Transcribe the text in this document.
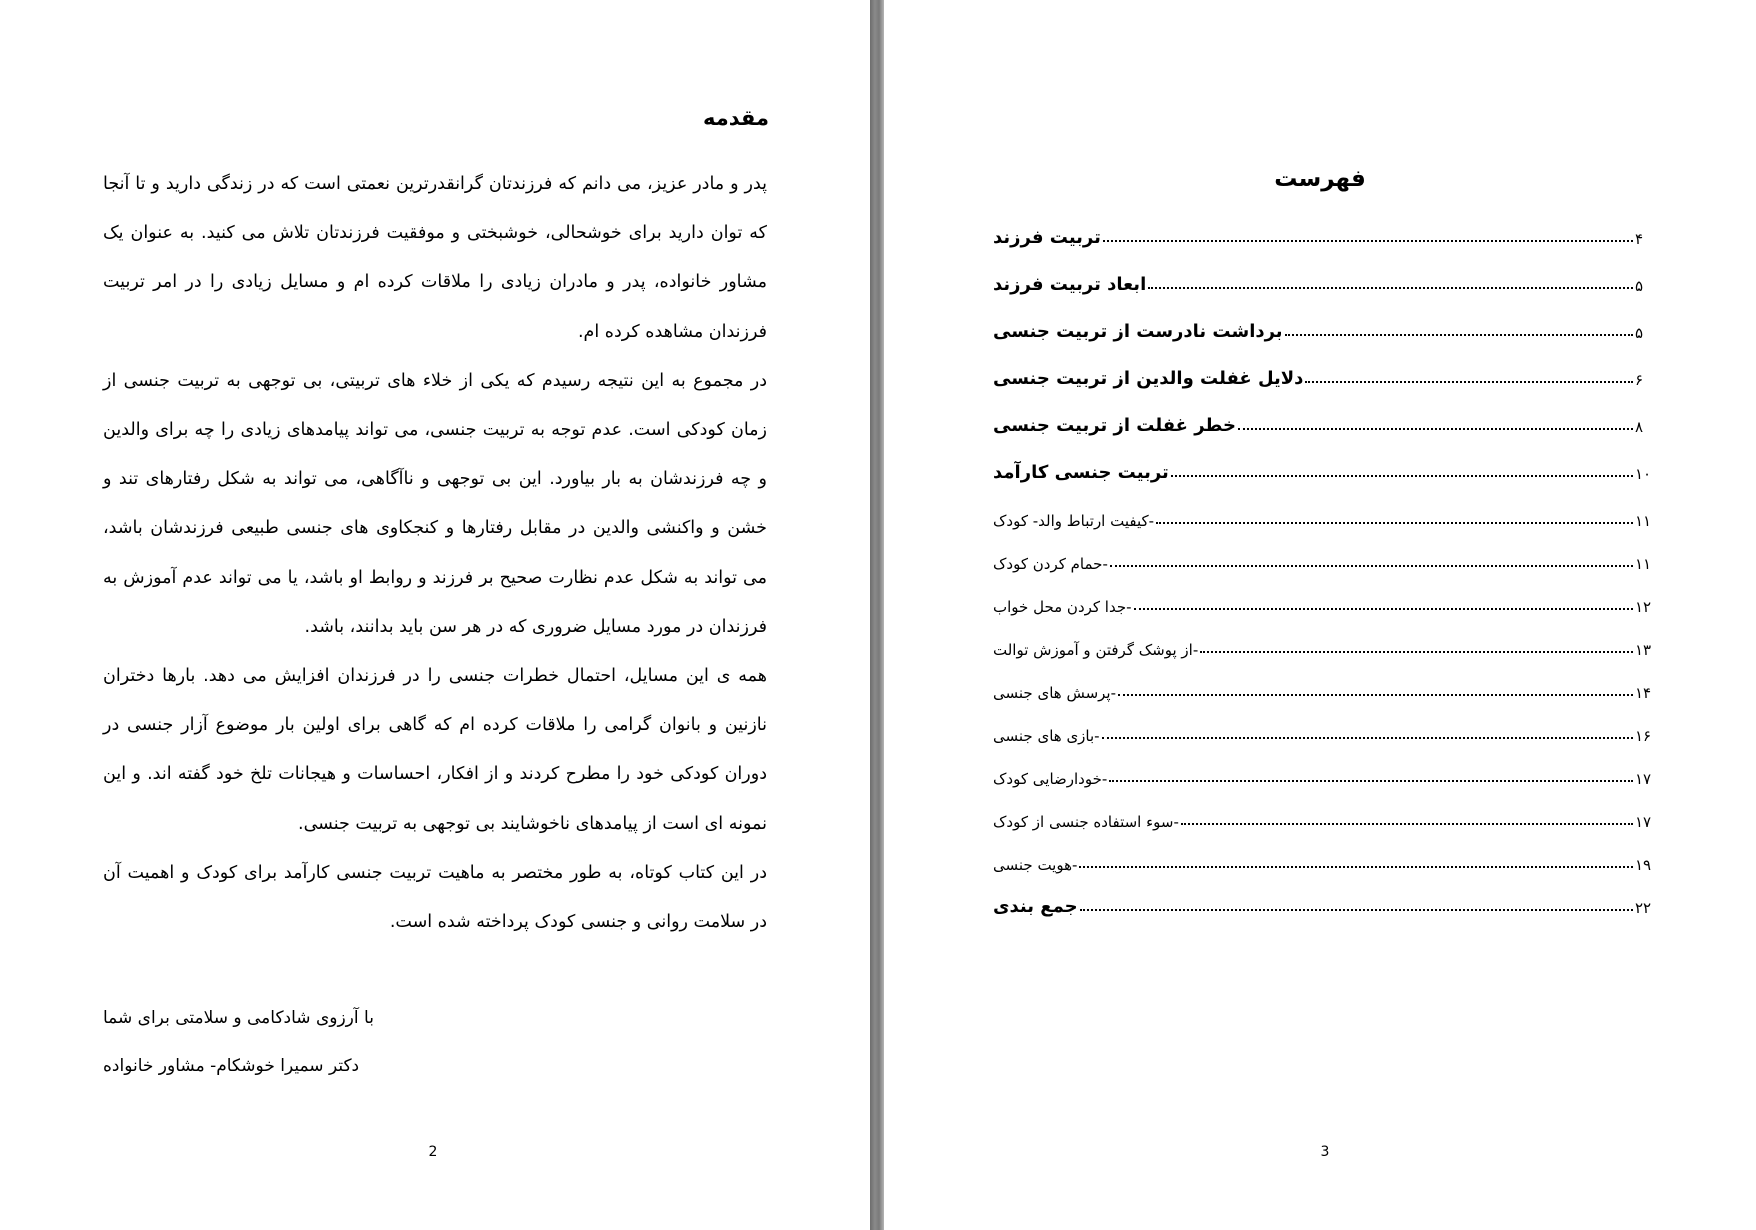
مقدمه

پدر و مادر عزیز، می دانم که فرزندتان گرانقدرترین نعمتی است که در زندگی دارید و تا آنجا که توان دارید برای خوشحالی، خوشبختی و موفقیت فرزندتان تلاش می کنید. به عنوان یک مشاور خانواده، پدر و مادران زیادی را ملاقات کرده ام و مسایل زیادی را در امر تربیت فرزندان مشاهده کرده ام.

در مجموع به این نتیجه رسیدم که یکی از خلاء های تربیتی، بی توجهی به تربیت جنسی از زمان کودکی است. عدم توجه به تربیت جنسی، می تواند پیامدهای زیادی را چه برای والدین و چه فرزندشان به بار بیاورد. این بی توجهی و ناآگاهی، می تواند به شکل رفتارهای تند و خشن و واکنشی والدین در مقابل رفتارها و کنجکاوی های جنسی طبیعی فرزندشان باشد، می تواند به شکل عدم نظارت صحیح بر فرزند و روابط او باشد، یا می تواند عدم آموزش به فرزندان در مورد مسایل ضروری که در هر سن باید بدانند، باشد.

همه ی این مسایل، احتمال خطرات جنسی را در فرزندان افزایش می دهد. بارها دختران نازنین و بانوان گرامی را ملاقات کرده ام که گاهی برای اولین بار موضوع آزار جنسی در دوران کودکی خود را مطرح کردند و از افکار، احساسات و هیجانات تلخ خود گفته اند. و این نمونه ای است از پیامدهای ناخوشایند بی توجهی به تربیت جنسی.

در این کتاب کوتاه، به طور مختصر به ماهیت تربیت جنسی کارآمد برای کودک و اهمیت آن در سلامت روانی و جنسی کودک پرداخته شده است.

با آرزوی شادکامی و سلامتی برای شما
دکتر سمیرا خوشکام- مشاور خانواده
2
فهرست
تربیت فرزند	۴
ابعاد تربیت فرزند	۵
برداشت نادرست از تربیت جنسی	۵
دلایل غفلت والدین از تربیت جنسی	۶
خطر غفلت از تربیت جنسی	۸
تربیت جنسی کارآمد	۱۰
-کیفیت ارتباط والد- کودک	۱۱
-حمام کردن کودک	۱۱
-جدا کردن محل خواب	۱۲
-از پوشک گرفتن و آموزش توالت	۱۳
-پرسش های جنسی	۱۴
-بازی های جنسی	۱۶
-خودارضایی کودک	۱۷
-سوء استفاده جنسی از کودک	۱۷
-هویت جنسی	۱۹
جمع بندی	۲۲
3
